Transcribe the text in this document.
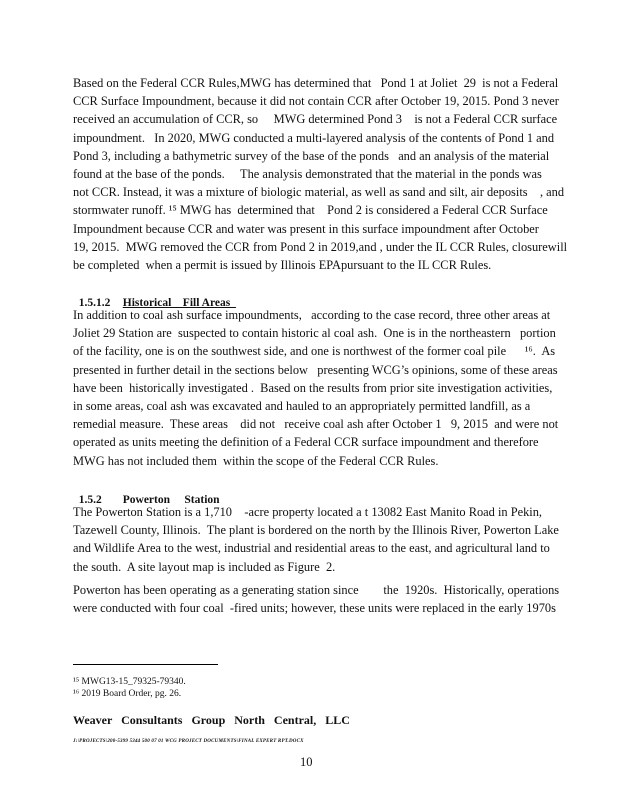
Based on the Federal CCR Rules,MWG has determined that   Pond 1 at Joliet  29  is not a Federal
CCR Surface Impoundment, because it did not contain CCR after October 19, 2015. Pond 3 never
received an accumulation of CCR, so     MWG determined Pond 3    is not a Federal CCR surface
impoundment.   In 2020, MWG conducted a multi-layered analysis of the contents of Pond 1 and
Pond 3, including a bathymetric survey of the base of the ponds   and an analysis of the material
found at the base of the ponds.     The analysis demonstrated that the material in the ponds was
not CCR. Instead, it was a mixture of biologic material, as well as sand and silt, air deposits    , and
stormwater runoff. ¹⁵ MWG has  determined that    Pond 2 is considered a Federal CCR Surface
Impoundment because CCR and water was present in this surface impoundment after October
19, 2015.  MWG removed the CCR from Pond 2 in 2019,and , under the IL CCR Rules, closurewill
be completed  when a permit is issued by Illinois EPApursuant to the IL CCR Rules.

1.5.1.2 Historical    Fill Areas

In addition to coal ash surface impoundments,   according to the case record, three other areas at
Joliet 29 Station are  suspected to contain historic al coal ash.  One is in the northeastern   portion
of the facility, one is on the southwest side, and one is northwest of the former coal pile      ¹⁶.  As
presented in further detail in the sections below   presenting WCG’s opinions, some of these areas
have been  historically investigated .  Based on the results from prior site investigation activities,
in some areas, coal ash was excavated and hauled to an appropriately permitted landfill, as a
remedial measure.  These areas    did not   receive coal ash after October 1   9, 2015  and were not
operated as units meeting the definition of a Federal CCR surface impoundment and therefore
MWG has not included them  within the scope of the Federal CCR Rules.

1.5.2 Powerton     Station

The Powerton Station is a 1,710    -acre property located a t 13082 East Manito Road in Pekin,
Tazewell County, Illinois.  The plant is bordered on the north by the Illinois River, Powerton Lake
and Wildlife Area to the west, industrial and residential areas to the east, and agricultural land to
the south.  A site layout map is included as Figure  2.
Powerton has been operating as a generating station since        the  1920s.  Historically, operations
were conducted with four coal  -fired units; however, these units were replaced in the early 1970s
¹⁵ MWG13-15_79325-79340.
¹⁶ 2019 Board Order, pg. 26.
Weaver Consultants Group North Central, LLC
J:\PROJECTS\200-5399 5344 500 07 01 WCG PROJECT DOCUMENTS\FINAL EXPERT RPT.DOCX
10
